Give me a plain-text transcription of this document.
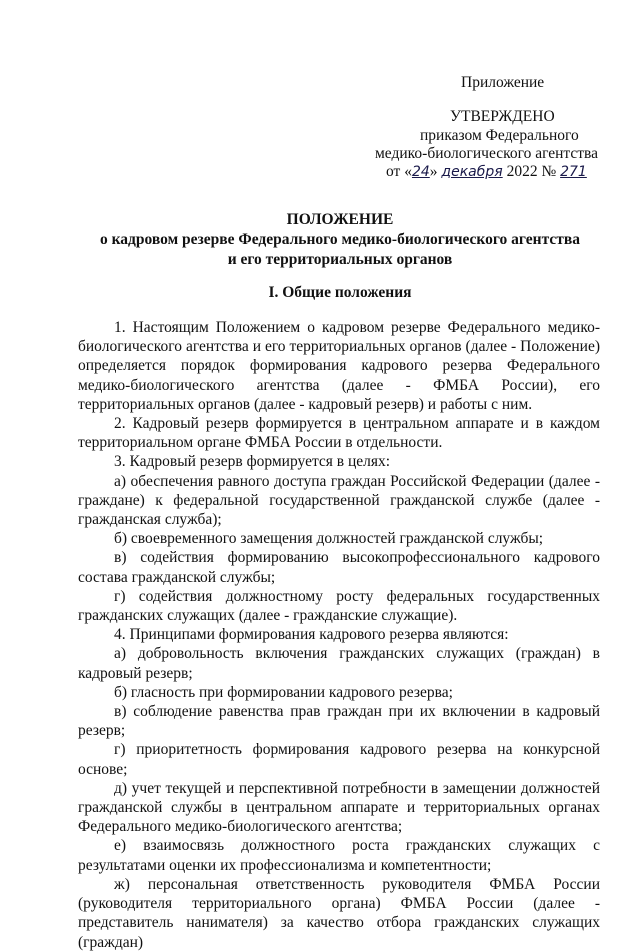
Приложение
УТВЕРЖДЕНО
приказом Федерального
медико-биологического агентства
от «24» декабря 2022 № 271
ПОЛОЖЕНИЕ
о кадровом резерве Федерального медико-биологического агентства
и его территориальных органов
I. Общие положения

1. Настоящим Положением о кадровом резерве Федерального медико-биологического агентства и его территориальных органов (далее - Положение) определяется порядок формирования кадрового резерва Федерального медико-биологического агентства (далее - ФМБА России), его территориальных органов (далее - кадровый резерв) и работы с ним.

2. Кадровый резерв формируется в центральном аппарате и в каждом территориальном органе ФМБА России в отдельности.

3. Кадровый резерв формируется в целях:

а) обеспечения равного доступа граждан Российской Федерации (далее - граждане) к федеральной государственной гражданской службе (далее - гражданская служба);

б) своевременного замещения должностей гражданской службы;

в) содействия формированию высокопрофессионального кадрового состава гражданской службы;

г) содействия должностному росту федеральных государственных гражданских служащих (далее - гражданские служащие).

4. Принципами формирования кадрового резерва являются:

а) добровольность включения гражданских служащих (граждан) в кадровый резерв;

б) гласность при формировании кадрового резерва;

в) соблюдение равенства прав граждан при их включении в кадровый резерв;

г) приоритетность формирования кадрового резерва на конкурсной основе;

д) учет текущей и перспективной потребности в замещении должностей гражданской службы в центральном аппарате и территориальных органах Федерального медико-биологического агентства;

е) взаимосвязь должностного роста гражданских служащих с результатами оценки их профессионализма и компетентности;

ж) персональная ответственность руководителя ФМБА России (руководителя территориального органа) ФМБА России (далее - представитель нанимателя) за качество отбора гражданских служащих (граждан)
